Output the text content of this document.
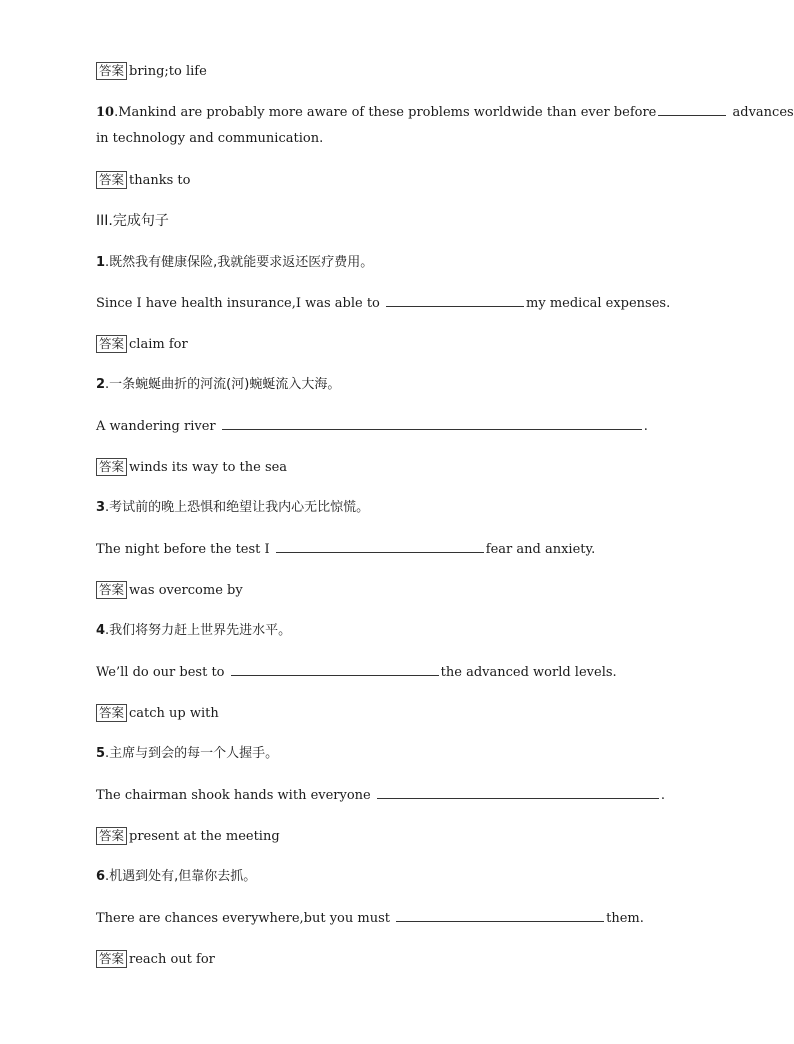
答案 bring;to life
10.Mankind are probably more aware of these problems worldwide than ever before	advances
in technology and communication.
答案 thanks to
III.完成句子
1.既然我有健康保险,我就能要求返还医疗费用。
Since I have health insurance,I was able to	my medical expenses.
答案 claim for
2.一条蜿蜒曲折的河流(河)蜿蜒流入大海。
A wandering river	.
答案 winds its way to the sea
3.考试前的晚上恐惧和绝望让我内心无比惊慌。
The night before the test I	fear and anxiety.
答案 was overcome by
4.我们将努力赶上世界先进水平。
We’ll do our best to	the advanced world levels.
答案 catch up with
5.主席与到会的每一个人握手。
The chairman shook hands with everyone	.
答案 present at the meeting
6.机遇到处有,但靠你去抓。
There are chances everywhere,but you must	them.
答案 reach out for
